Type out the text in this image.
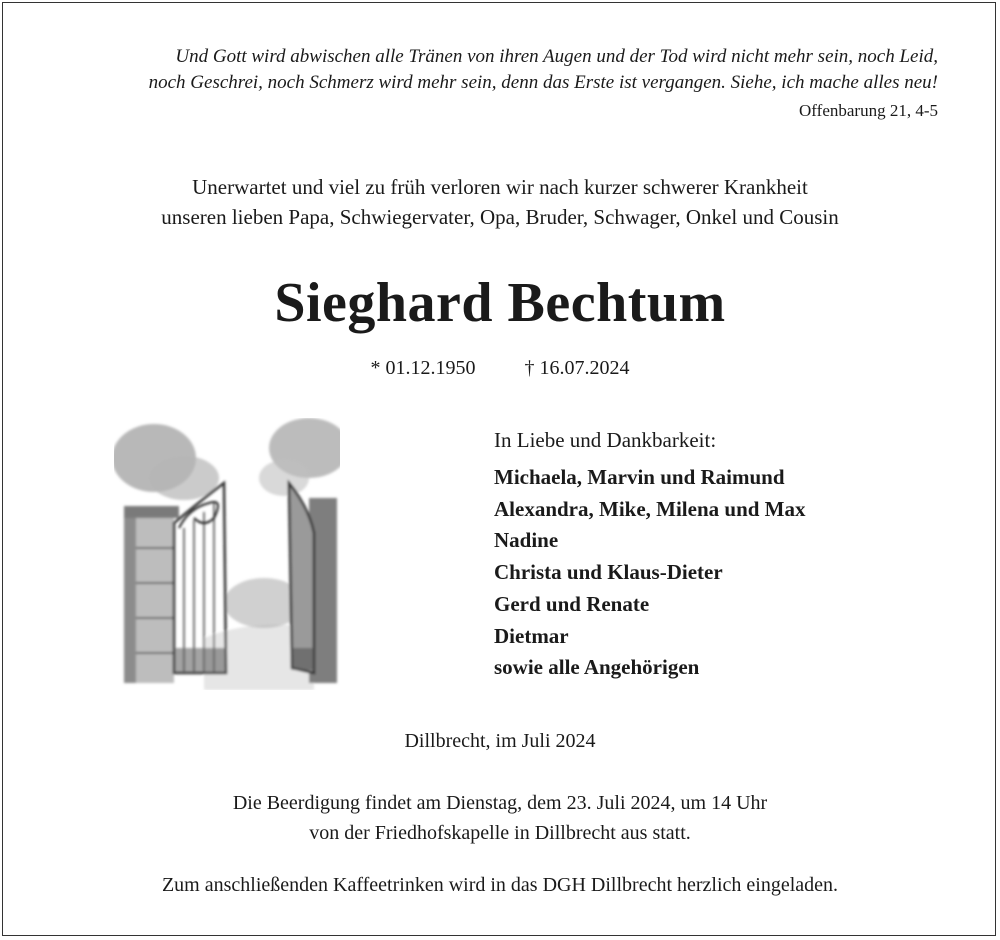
Und Gott wird abwischen alle Tränen von ihren Augen und der Tod wird nicht mehr sein, noch Leid,
noch Geschrei, noch Schmerz wird mehr sein, denn das Erste ist vergangen. Siehe, ich mache alles neu!
Offenbarung 21, 4-5
Unerwartet und viel zu früh verloren wir nach kurzer schwerer Krankheit
unseren lieben Papa, Schwiegervater, Opa, Bruder, Schwager, Onkel und Cousin
Sieghard Bechtum
* 01.12.1950 † 16.07.2024
In Liebe und Dankbarkeit:
Michaela, Marvin und Raimund
Alexandra, Mike, Milena und Max
Nadine
Christa und Klaus-Dieter
Gerd und Renate
Dietmar
sowie alle Angehörigen
Dillbrecht, im Juli 2024
Die Beerdigung findet am Dienstag, dem 23. Juli 2024, um 14 Uhr
von der Friedhofskapelle in Dillbrecht aus statt.
Zum anschließenden Kaffeetrinken wird in das DGH Dillbrecht herzlich eingeladen.
